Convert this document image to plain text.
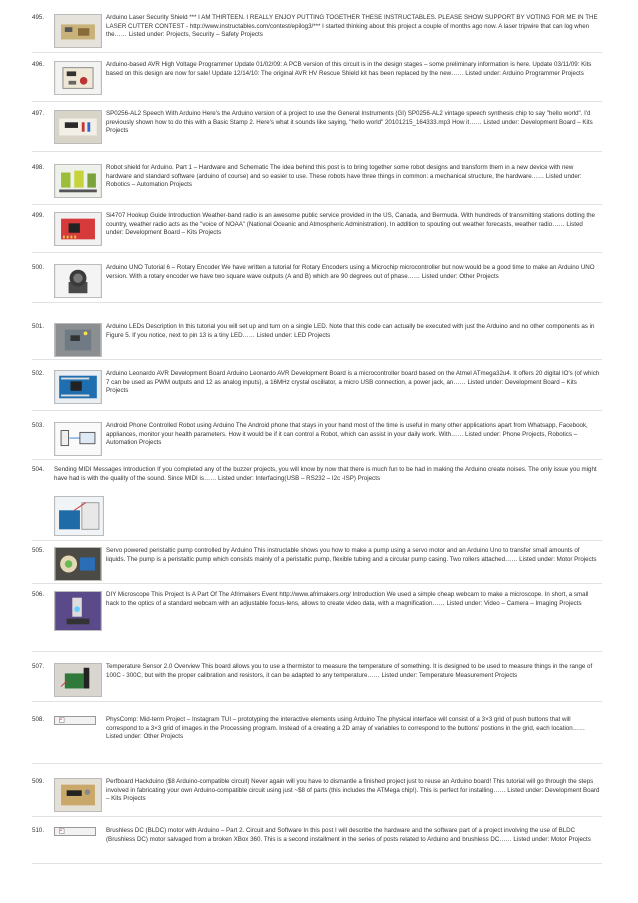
495.	Arduino Laser Security Shield *** I AM THIRTEEN. I REALLY ENJOY PUTTING TOGETHER THESE INSTRUCTABLES. PLEASE SHOW SUPPORT BY VOTING FOR ME IN THE LASER CUTTER CONTEST - http://www.instructables.com/contest/epilog3/*** I started thinking about this project a couple of months ago now. A laser tripwire that can log when the…… Listed under: Projects, Security – Safety Projects
496.	Arduino-based AVR High Voltage Programmer Update 01/02/09: A PCB version of this circuit is in the design stages – some preliminary information is here. Update 03/11/09: Kits based on this design are now for sale! Update 12/14/10: The original AVR HV Rescue Shield kit has been replaced by the new…… Listed under: Arduino Programmer Projects
497.	SP0256-AL2 Speech With Arduino Here's the Arduino version of a project to use the General Instruments (GI) SP0256-AL2 vintage speech synthesis chip to say "hello world". I'd previously shown how to do this with a Basic Stamp 2. Here's what it sounds like saying, "hello world" 20101215_164333.mp3 How it…… Listed under: Development Board – Kits Projects
498.	Robot shield for Arduino. Part 1 – Hardware and Schematic The idea behind this post is to bring together some robot designs and transform them in a new device with new hardware and standard software (arduino of course) and so easier to use. These robots have three things in common: a mechanical structure, the hardware…… Listed under: Robotics – Automation Projects
499.	Si4707 Hookup Guide Introduction Weather-band radio is an awesome public service provided in the US, Canada, and Bermuda. With hundreds of transmitting stations dotting the country, weather radio acts as the "voice of NOAA" (National Oceanic and Atmospheric Administration). In addition to spouting out weather forecasts, weather radio…… Listed under: Development Board – Kits Projects
500.	Arduino UNO Tutorial 6 – Rotary Encoder We have written a tutorial for Rotary Encoders using a Microchip microcontroller but now would be a good time to make an Arduino UNO version. With a rotary encoder we have two square wave outputs (A and B) which are 90 degrees out of phase…… Listed under: Other Projects
501.	Arduino LEDs Description In this tutorial you will set up and turn on a single LED. Note that this code can actually be executed with just the Arduino and no other components as in Figure 5. If you notice, next to pin 13 is a tiny LED…… Listed under: LED Projects
502.	Arduino Leonardo AVR Development Board Arduino Leonardo AVR Development Board is a microcontroller board based on the Atmel ATmega32u4. It offers 20 digital IO's (of which 7 can be used as PWM outputs and 12 as analog inputs), a 16MHz crystal oscillator, a micro USB connection, a power jack, an…… Listed under: Development Board – Kits Projects
503.	Android Phone Controlled Robot using Arduino The Android phone that stays in your hand most of the time is useful in many other applications apart from Whatsapp, Facebook, appliances, monitor your health parameters. How it would be if it can control a Robot, which can assist in your daily work. With…… Listed under: Phone Projects, Robotics – Automation Projects
504. Sending MIDI Messages Introduction If you completed any of the buzzer projects, you will know by now that there is much fun to be had in making the Arduino create noises. The only issue you might have had is with the quality of the sound. Since MIDI is…… Listed under: Interfacing(USB – RS232 – I2c -ISP) Projects
505.	Servo powered peristaltic pump controlled by Arduino This instructable shows you how to make a pump using a servo motor and an Arduino Uno to transfer small amounts of liquids. The pump is a peristaltic pump which consists mainly of a peristaltic pump, flexible tubing and a circular pump casing. Two rollers attached…… Listed under: Motor Projects
506.	DIY Microscope This Project Is A Part Of The Afrimakers Event http://www.afrimakers.org/ Introduction We used a simple cheap webcam to make a microscope. In short, a small hack to the optics of a standard webcam with an adjustable focus-lens, allows to create video data, with a magnification…… Listed under: Video – Camera – Imaging Projects
507.	Temperature Sensor 2.0 Overview This board allows you to use a thermistor to measure the temperature of something. It is designed to be used to measure things in the range of 100C - 300C, but with the proper calibration and resistors, it can be adapted to any temperature…… Listed under: Temperature Measurement Projects
508.	PhysComp: Mid-term Project – Instagram TUI – prototyping the interactive elements using Arduino The physical interface will consist of a 3×3 grid of push buttons that will correspond to a 3×3 grid of images in the Processing program. Instead of a creating a 2D array of variables to correspond to the buttons' postions in the grid, each location…… Listed under: Other Projects
509.	Perfboard Hackduino ($8 Arduino-compatible circuit) Never again will you have to dismantle a finished project just to reuse an Arduino board! This tutorial will go through the steps involved in fabricating your own Arduino-compatible circuit using just ~$8 of parts (this includes the ATMega chip!). This is perfect for installing…… Listed under: Development Board – Kits Projects
510.	Brushless DC (BLDC) motor with Arduino – Part 2. Circuit and Software In this post I will describe the hardware and the software part of a project involving the use of BLDC (Brushless DC) motor salvaged from a broken XBox 360. This is a second installment in the series of posts related to Arduino and brushless DC…… Listed under: Motor Projects
